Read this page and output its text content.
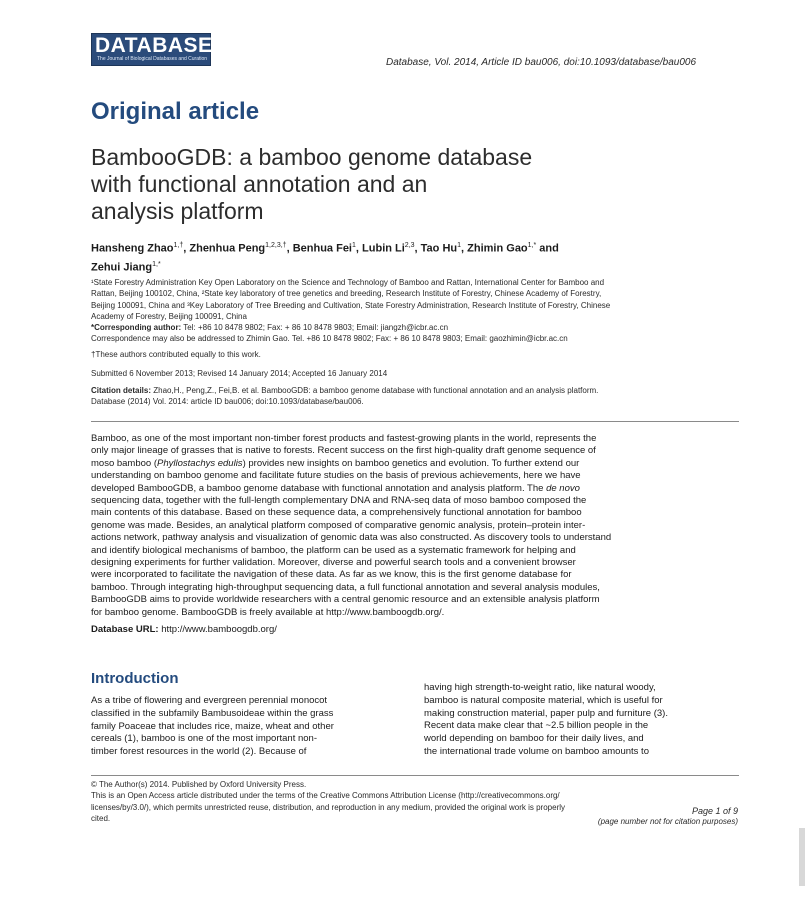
DATABASE
The Journal of Biological Databases and Curation	Database, Vol. 2014, Article ID bau006, doi:10.1093/database/bau006
Original article
BambooGDB: a bamboo genome database
with functional annotation and an
analysis platform
Hansheng Zhao$^{1,\dagger}$, Zhenhua Peng$^{1,2,3,\dagger}$, Benhua Fei$^1$, Lubin Li$^{2,3}$, Tao Hu$^1$, Zhimin Gao$^{1,*}$ and
Zehui Jiang$^{1,*}$
¹State Forestry Administration Key Open Laboratory on the Science and Technology of Bamboo and Rattan, International Center for Bamboo and
Rattan, Beijing 100102, China, ²State key laboratory of tree genetics and breeding, Research Institute of Forestry, Chinese Academy of Forestry,
Beijing 100091, China and ³Key Laboratory of Tree Breeding and Cultivation, State Forestry Administration, Research Institute of Forestry, Chinese
Academy of Forestry, Beijing 100091, China
*Corresponding author: Tel: +86 10 8478 9802; Fax: + 86 10 8478 9803; Email: jiangzh@icbr.ac.cn
Correspondence may also be addressed to Zhimin Gao. Tel. +86 10 8478 9802; Fax: + 86 10 8478 9803; Email: gaozhimin@icbr.ac.cn
†These authors contributed equally to this work.
Submitted 6 November 2013; Revised 14 January 2014; Accepted 16 January 2014
Citation details: Zhao,H., Peng,Z., Fei,B. et al. BambooGDB: a bamboo genome database with functional annotation and an analysis platform.
Database (2014) Vol. 2014: article ID bau006; doi:10.1093/database/bau006.
Bamboo, as one of the most important non-timber forest products and fastest-growing plants in the world, represents the
only major lineage of grasses that is native to forests. Recent success on the first high-quality draft genome sequence of
moso bamboo (Phyllostachys edulis) provides new insights on bamboo genetics and evolution. To further extend our
understanding on bamboo genome and facilitate future studies on the basis of previous achievements, here we have
developed BambooGDB, a bamboo genome database with functional annotation and analysis platform. The de novo
sequencing data, together with the full-length complementary DNA and RNA-seq data of moso bamboo composed the
main contents of this database. Based on these sequence data, a comprehensively functional annotation for bamboo
genome was made. Besides, an analytical platform composed of comparative genomic analysis, protein–protein inter-
actions network, pathway analysis and visualization of genomic data was also constructed. As discovery tools to understand
and identify biological mechanisms of bamboo, the platform can be used as a systematic framework for helping and
designing experiments for further validation. Moreover, diverse and powerful search tools and a convenient browser
were incorporated to facilitate the navigation of these data. As far as we know, this is the first genome database for
bamboo. Through integrating high-throughput sequencing data, a full functional annotation and several analysis modules,
BambooGDB aims to provide worldwide researchers with a central genomic resource and an extensible analysis platform
for bamboo genome. BambooGDB is freely available at http://www.bamboogdb.org/.
Database URL: http://www.bamboogdb.org/
Introduction
As a tribe of flowering and evergreen perennial monocot
classified in the subfamily Bambusoideae within the grass
family Poaceae that includes rice, maize, wheat and other
cereals (1), bamboo is one of the most important non-
timber forest resources in the world (2). Because of
having high strength-to-weight ratio, like natural woody,
bamboo is natural composite material, which is useful for
making construction material, paper pulp and furniture (3).
Recent data make clear that ~2.5 billion people in the
world depending on bamboo for their daily lives, and
the international trade volume on bamboo amounts to
© The Author(s) 2014. Published by Oxford University Press.
This is an Open Access article distributed under the terms of the Creative Commons Attribution License (http://creativecommons.org/
licenses/by/3.0/), which permits unrestricted reuse, distribution, and reproduction in any medium, provided the original work is properly
cited.
Page 1 of 9
(page number not for citation purposes)
